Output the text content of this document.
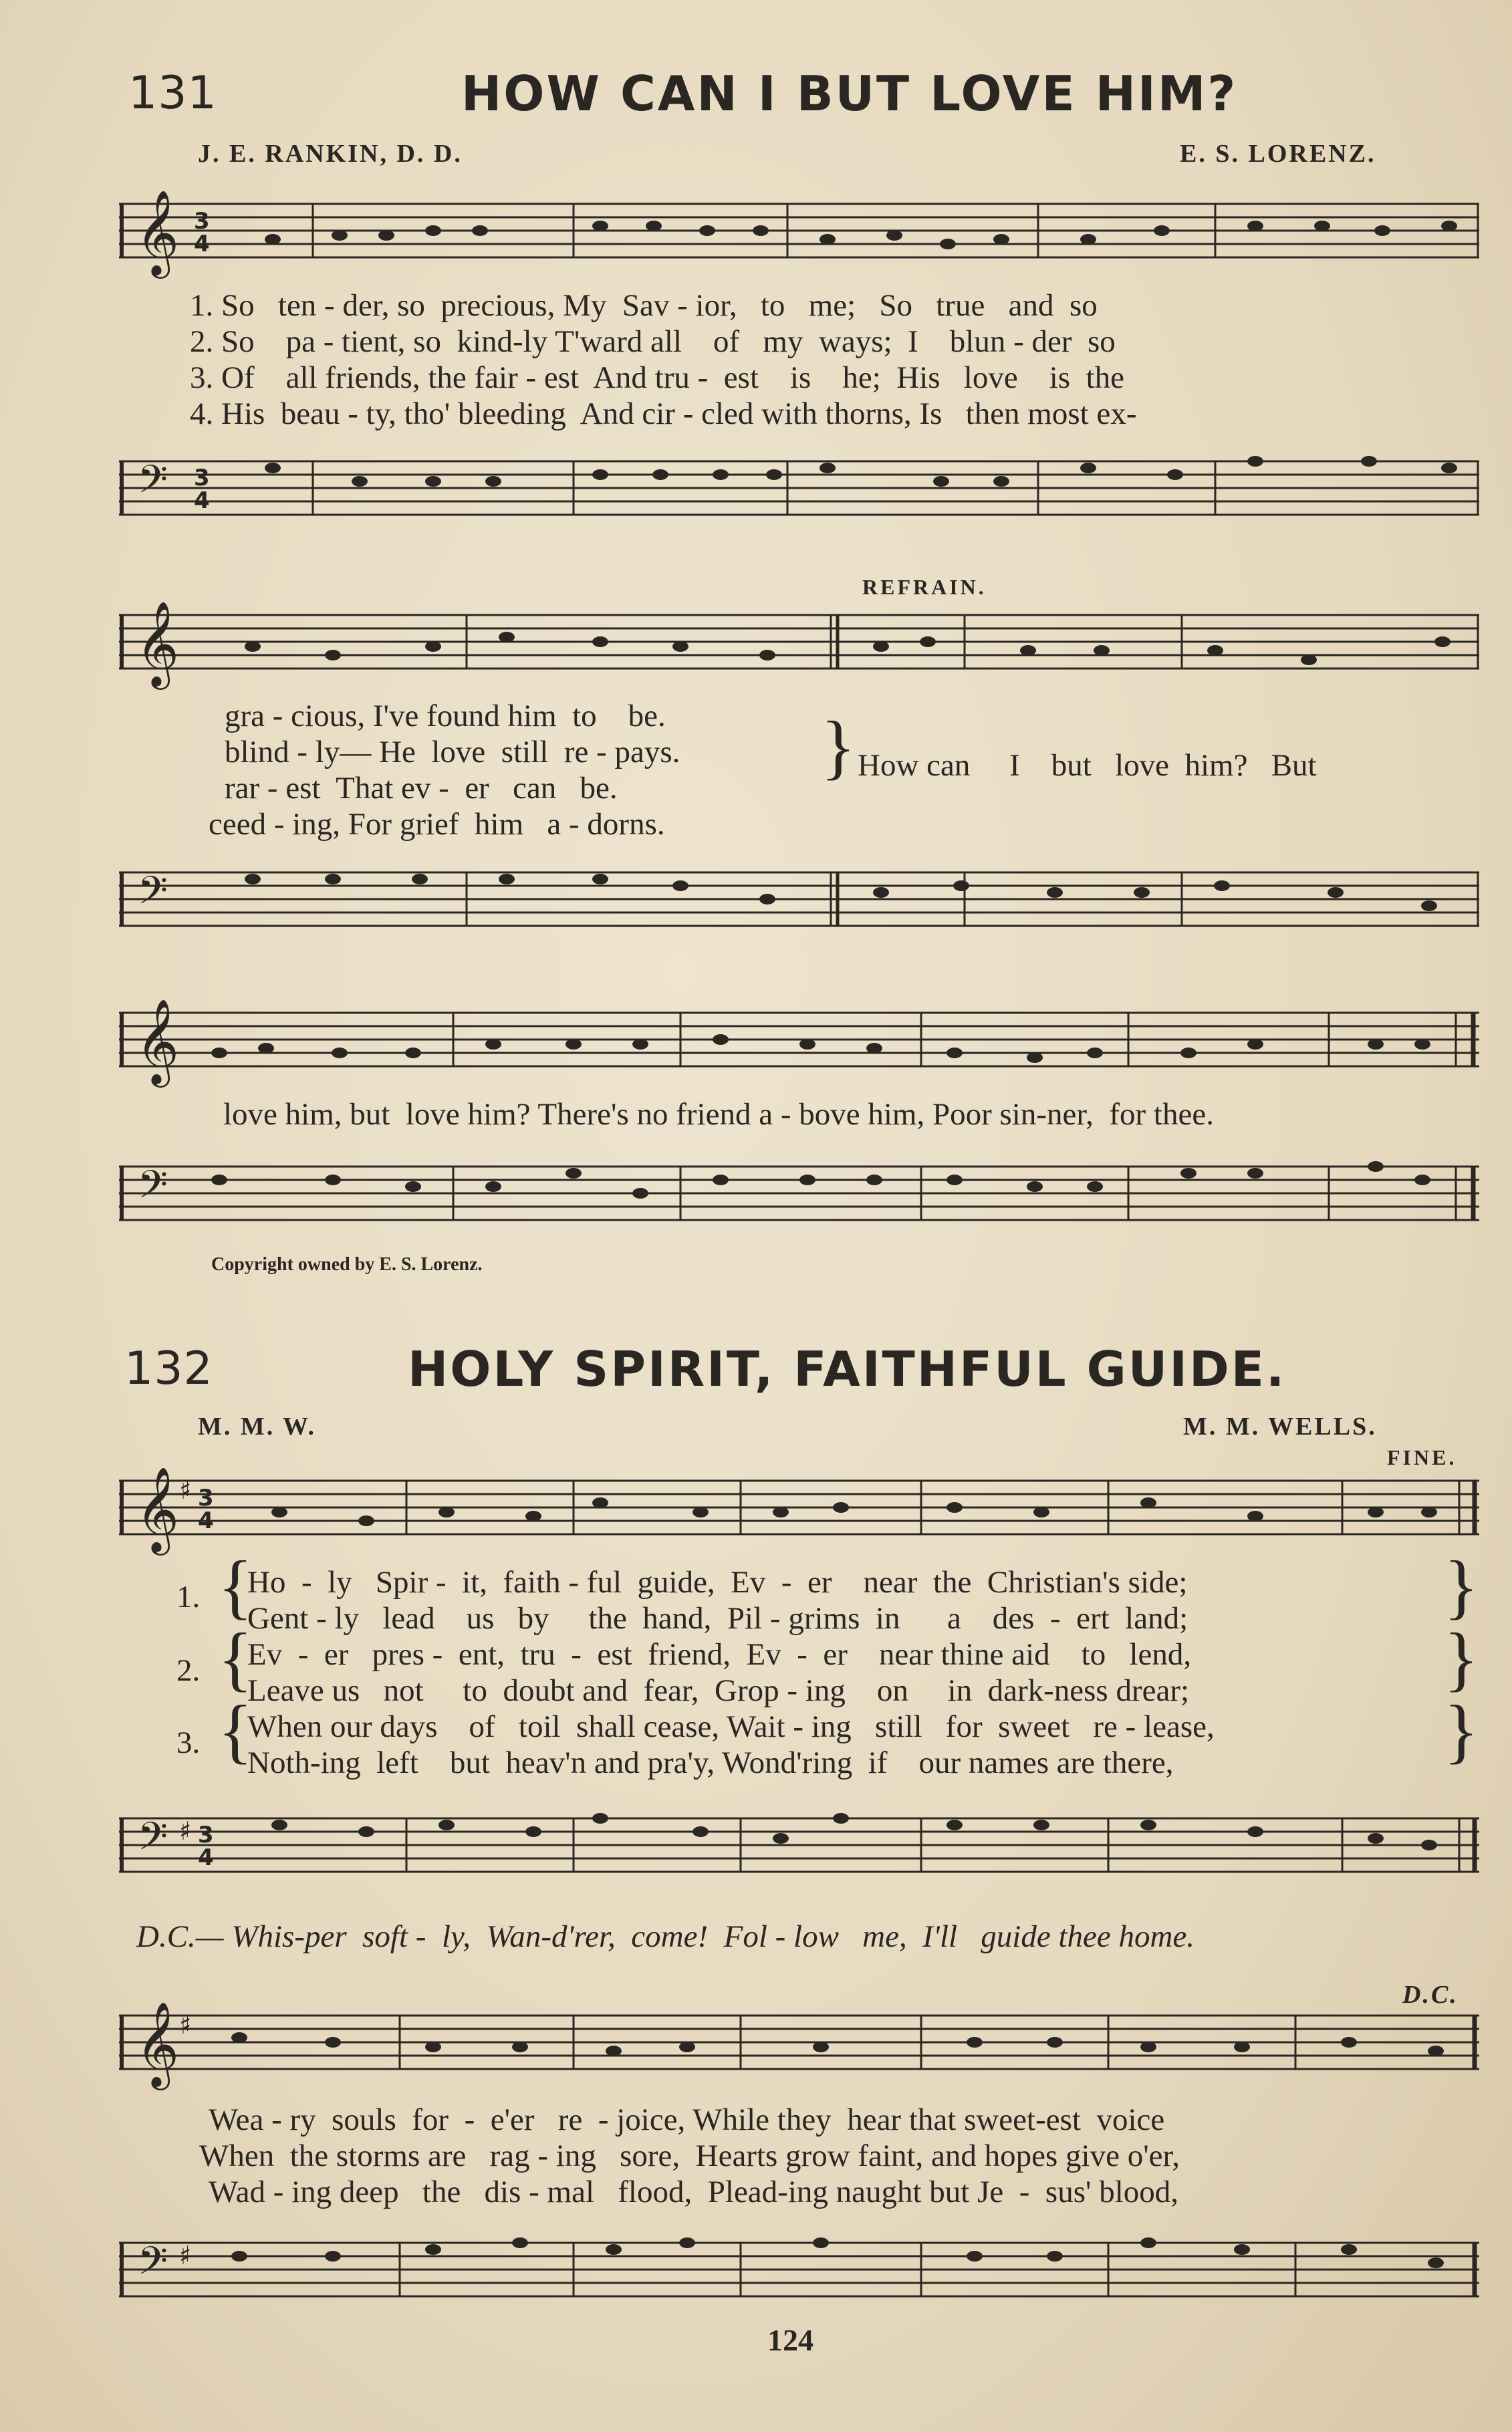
131	HOW CAN I BUT LOVE HIM?
J. E. RANKIN, D. D.	E. S. LORENZ.
𝄞 3
4
1. So   ten - der, so  precious, My  Sav - ior,   to   me;   So   true   and  so
2. So    pa - tient, so  kind-ly T'ward all    of   my  ways;  I    blun - der  so
3. Of    all friends, the fair - est  And tru -  est    is    he;  His   love    is  the
4. His  beau - ty, tho' bleeding  And cir - cled with thorns, Is   then most ex-
𝄢 3
4
REFRAIN.
𝄞
gra - cious, I've found him  to    be.
blind - ly— He  love  still  re - pays.
rar - est  That ev -  er   can   be.
ceed - ing, For grief  him   a - dorns.
} How can     I    but   love  him?   But
𝄢
𝄞
love him, but  love him? There's no friend a - bove him, Poor sin-ner,  for thee.
𝄢
Copyright owned by E. S. Lorenz.
132	HOLY SPIRIT, FAITHFUL GUIDE.
M. M. W.	M. M. WELLS.
FINE.
𝄞 ♯ 3
4
1.
2.
3.
}
}
}
Ho  -  ly   Spir -  it,  faith - ful  guide,  Ev  -  er    near  the  Christian's side;
Gent - ly   lead    us   by     the  hand,  Pil - grims  in      a    des  -  ert  land;
Ev  -  er   pres -  ent,  tru  -  est  friend,  Ev  -  er    near thine aid    to   lend,
Leave us   not     to  doubt and  fear,  Grop - ing    on     in  dark-ness drear;
When our days    of   toil  shall cease, Wait - ing   still   for  sweet   re - lease,
Noth-ing  left    but  heav'n and pra'y, Wond'ring  if    our names are there,
}
}
}
𝄢 ♯ 3
4
D.C.— Whis-per  soft -  ly,  Wan-d'rer,  come!  Fol - low   me,  I'll   guide thee home.
D.C.
𝄞 ♯
Wea - ry  souls  for  -  e'er   re  - joice, While they  hear that sweet-est  voice
When  the storms are   rag - ing   sore,  Hearts grow faint, and hopes give o'er,
Wad - ing deep   the   dis - mal   flood,  Plead-ing naught but Je  -  sus' blood,
𝄢 ♯
124
